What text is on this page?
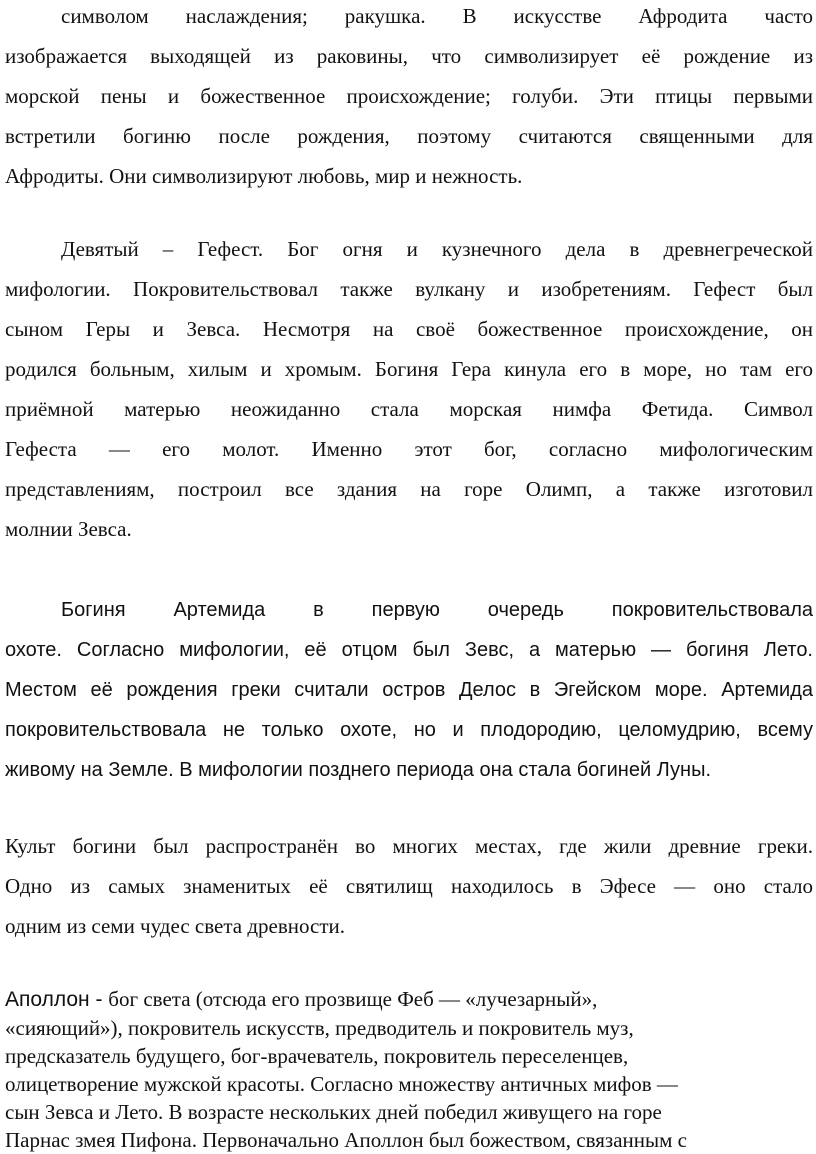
символом наслаждения; ракушка. В искусстве Афродита часто
изображается выходящей из раковины, что символизирует её рождение из
морской пены и божественное происхождение; голуби. Эти птицы первыми
встретили богиню после рождения, поэтому считаются священными для
Афродиты. Они символизируют любовь, мир и нежность.
Девятый – Гефест. Бог огня и кузнечного дела в древнегреческой
мифологии. Покровительствовал также вулкану и изобретениям. Гефест был
сыном Геры и Зевса. Несмотря на своё божественное происхождение, он
родился больным, хилым и хромым. Богиня Гера кинула его в море, но там его
приёмной матерью неожиданно стала морская нимфа Фетида. Символ
Гефеста — его молот. Именно этот бог, согласно мифологическим
представлениям, построил все здания на горе Олимп, а также изготовил
молнии Зевса.
Богиня Артемида в первую очередь покровительствовала
охоте. Согласно мифологии, её отцом был Зевс, а матерью — богиня Лето.
Местом её рождения греки считали остров Делос в Эгейском море. Артемида
покровительствовала не только охоте, но и плодородию, целомудрию, всему
живому на Земле. В мифологии позднего периода она стала богиней Луны.
Культ богини был распространён во многих местах, где жили древние греки.
Одно из самых знаменитых её святилищ находилось в Эфесе — оно стало
одним из семи чудес света древности.
Аполлон - бог света (отсюда его прозвище Феб — «лучезарный»,
«сияющий»), покровитель искусств, предводитель и покровитель муз,
предсказатель будущего, бог-врачеватель, покровитель переселенцев,
олицетворение мужской красоты. Согласно множеству античных мифов —
сын Зевса и Лето. В возрасте нескольких дней победил живущего на горе
Парнас змея Пифона. Первоначально Аполлон был божеством, связанным с
